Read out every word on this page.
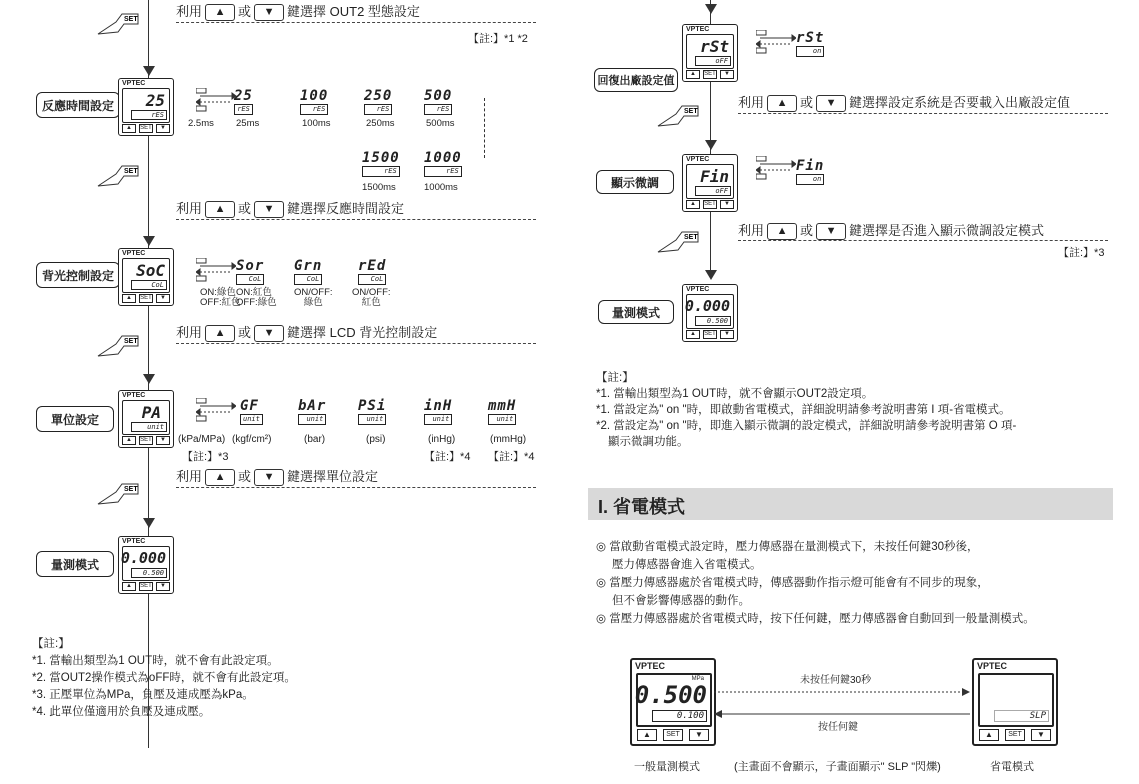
SET
利用 ▲ 或 ▼ 鍵選擇 OUT2 型態設定
【註:】*1 *2
反應時間設定
VPTEC
25
rES
▲	SET	▼
25
rES
100
rES
250
rES
500
rES
2.5ms 25ms	100ms	250ms	500ms
1500
rES
1000
rES
1500ms	1000ms
SET
利用 ▲ 或 ▼ 鍵選擇反應時間設定
背光控制設定
VPTEC
SoC
CoL
▲	SET	▼
Sor
CoL
Grn
CoL
rEd
CoL
ON:綠色
OFF:紅色
ON:紅色
OFF:綠色
ON/OFF:
綠色
ON/OFF:
紅色
SET
利用 ▲ 或 ▼ 鍵選擇 LCD 背光控制設定
單位設定
VPTEC
PA
unit
▲	SET	▼
GF
unit
bAr
unit
PSi
unit
inH
unit
mmH
unit
(kPa/MPa) (kgf/cm²)	(bar)	(psi)	(inHg)	(mmHg)
【註:】*3	【註:】*4 【註:】*4
SET
利用 ▲ 或 ▼ 鍵選擇單位設定
量測模式
VPTEC
0.000
0.500
▲	SET	▼
【註:】
*1. 當輸出類型為1 OUT時，就不會有此設定項。
*2. 當OUT2操作模式為oFF時，就不會有此設定項。
*3. 正壓單位為MPa，負壓及連成壓為kPa。
*4. 此單位僅適用於負壓及連成壓。
回復出廠設定值
VPTEC
rSt
oFF
▲	SET	▼
rSt
on
SET
利用 ▲ 或 ▼ 鍵選擇設定系統是否要載入出廠設定值
顯示微調
VPTEC
Fin
oFF
▲	SET	▼
Fin
on
SET	利用 ▲ 或 ▼ 鍵選擇是否進入顯示微調設定模式
【註:】*3
量測模式
VPTEC
0.000
0.500
▲	SET	▼
【註:】
*1. 當輸出類型為1 OUT時，就不會顯示OUT2設定項。
*1. 當設定為" on "時，即啟動省電模式，詳細說明請參考說明書第 I 項-省電模式。
*2. 當設定為" on "時，即進入顯示微調的設定模式，詳細說明請參考說明書第 O 項-
顯示微調功能。
I. 省電模式
◎ 當啟動省電模式設定時，壓力傳感器在量測模式下，未按任何鍵30秒後，
壓力傳感器會進入省電模式。
◎ 當壓力傳感器處於省電模式時，傳感器動作指示燈可能會有不同步的現象，
但不會影響傳感器的動作。
◎ 當壓力傳感器處於省電模式時，按下任何鍵，壓力傳感器會自動回到一般量測模式。
VPTEC
MPa
0.500
0.100
▲	SET	▼
未按任何鍵30秒
按任何鍵
VPTEC
SLP
▲	SET	▼
一般量測模式	(主畫面不會顯示，子畫面顯示" SLP "閃爍)	省電模式
